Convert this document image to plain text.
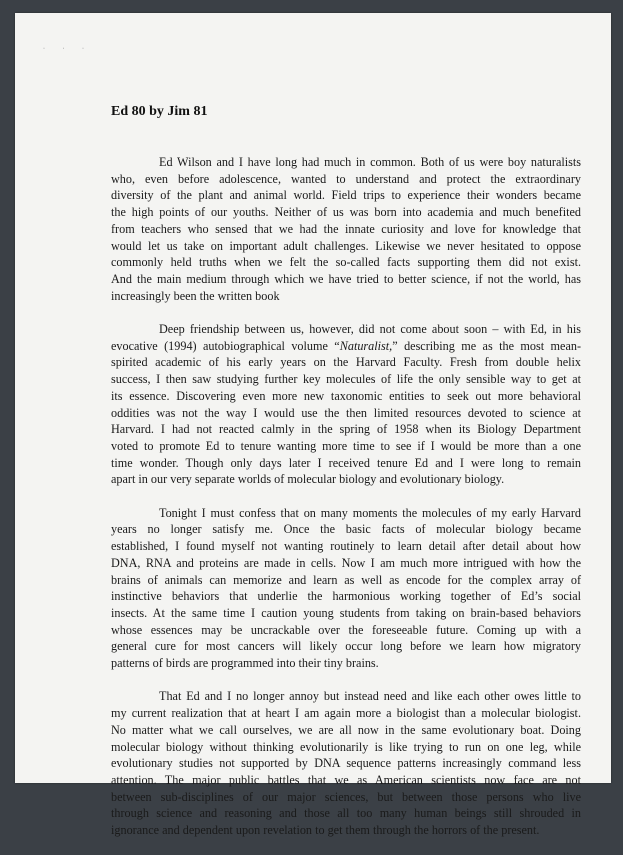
· · ·
Ed 80 by Jim 81
Ed Wilson and I have long had much in common. Both of us were boy naturalists
who, even before adolescence, wanted to understand and protect the extraordinary
diversity of the plant and animal world. Field trips to experience their wonders became
the high points of our youths. Neither of us was born into academia and much benefited
from teachers who sensed that we had the innate curiosity and love for knowledge that
would let us take on important adult challenges. Likewise we never hesitated to oppose
commonly held truths when we felt the so-called facts supporting them did not exist.
And the main medium through which we have tried to better science, if not the world, has
increasingly been the written book
Deep friendship between us, however, did not come about soon – with Ed, in his
evocative (1994) autobiographical volume “Naturalist,” describing me as the most mean-
spirited academic of his early years on the Harvard Faculty. Fresh from double helix
success, I then saw studying further key molecules of life the only sensible way to get at
its essence. Discovering even more new taxonomic entities to seek out more behavioral
oddities was not the way I would use the then limited resources devoted to science at
Harvard. I had not reacted calmly in the spring of 1958 when its Biology Department
voted to promote Ed to tenure wanting more time to see if I would be more than a one
time wonder. Though only days later I received tenure Ed and I were long to remain
apart in our very separate worlds of molecular biology and evolutionary biology.
Tonight I must confess that on many moments the molecules of my early Harvard
years no longer satisfy me. Once the basic facts of molecular biology became
established, I found myself not wanting routinely to learn detail after detail about how
DNA, RNA and proteins are made in cells. Now I am much more intrigued with how the
brains of animals can memorize and learn as well as encode for the complex array of
instinctive behaviors that underlie the harmonious working together of Ed’s social
insects. At the same time I caution young students from taking on brain-based behaviors
whose essences may be uncrackable over the foreseeable future. Coming up with a
general cure for most cancers will likely occur long before we learn how migratory
patterns of birds are programmed into their tiny brains.
That Ed and I no longer annoy but instead need and like each other owes little to
my current realization that at heart I am again more a biologist than a molecular biologist.
No matter what we call ourselves, we are all now in the same evolutionary boat. Doing
molecular biology without thinking evolutionarily is like trying to run on one leg, while
evolutionary studies not supported by DNA sequence patterns increasingly command less
attention. The major public battles that we as American scientists now face are not
between sub-disciplines of our major sciences, but between those persons who live
through science and reasoning and those all too many human beings still shrouded in
ignorance and dependent upon revelation to get them through the horrors of the present.
